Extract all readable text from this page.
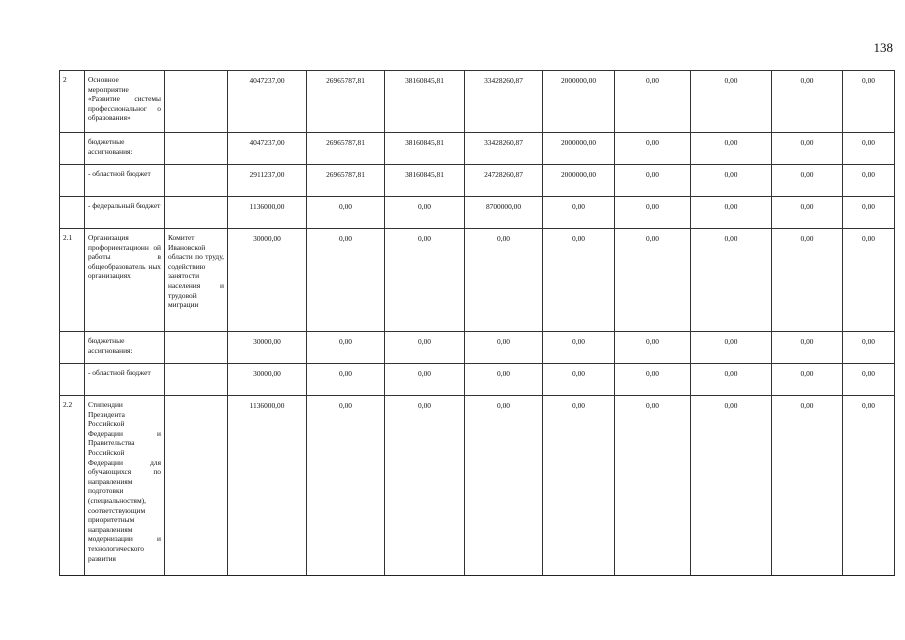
138
2	Основное мероприятие «Развитие системы профессиональног о образования»		4047237,00	26965787,81	38160845,81	33428260,87	2000000,00	0,00	0,00	0,00	0,00
	бюджетные ассигнования:		4047237,00	26965787,81	38160845,81	33428260,87	2000000,00	0,00	0,00	0,00	0,00
	- областной бюджет		2911237,00	26965787,81	38160845,81	24728260,87	2000000,00	0,00	0,00	0,00	0,00
	- федеральный бюджет		1136000,00	0,00	0,00	8700000,00	0,00	0,00	0,00	0,00	0,00
2.1	Организация профориентационн ой работы в общеобразователь ных организациях	Комитет Ивановской области по труду, содействию занятости населения и трудовой миграции	30000,00	0,00	0,00	0,00	0,00	0,00	0,00	0,00	0,00
	бюджетные ассигнования:		30000,00	0,00	0,00	0,00	0,00	0,00	0,00	0,00	0,00
	- областной бюджет		30000,00	0,00	0,00	0,00	0,00	0,00	0,00	0,00	0,00
2.2	Стипендии Президента Российской Федерации и Правительства Российской Федерации для обучающихся по направлениям подготовки (специальностям), соответствующим приоритетным направлениям модернизации и технологического развития		1136000,00	0,00	0,00	0,00	0,00	0,00	0,00	0,00	0,00
